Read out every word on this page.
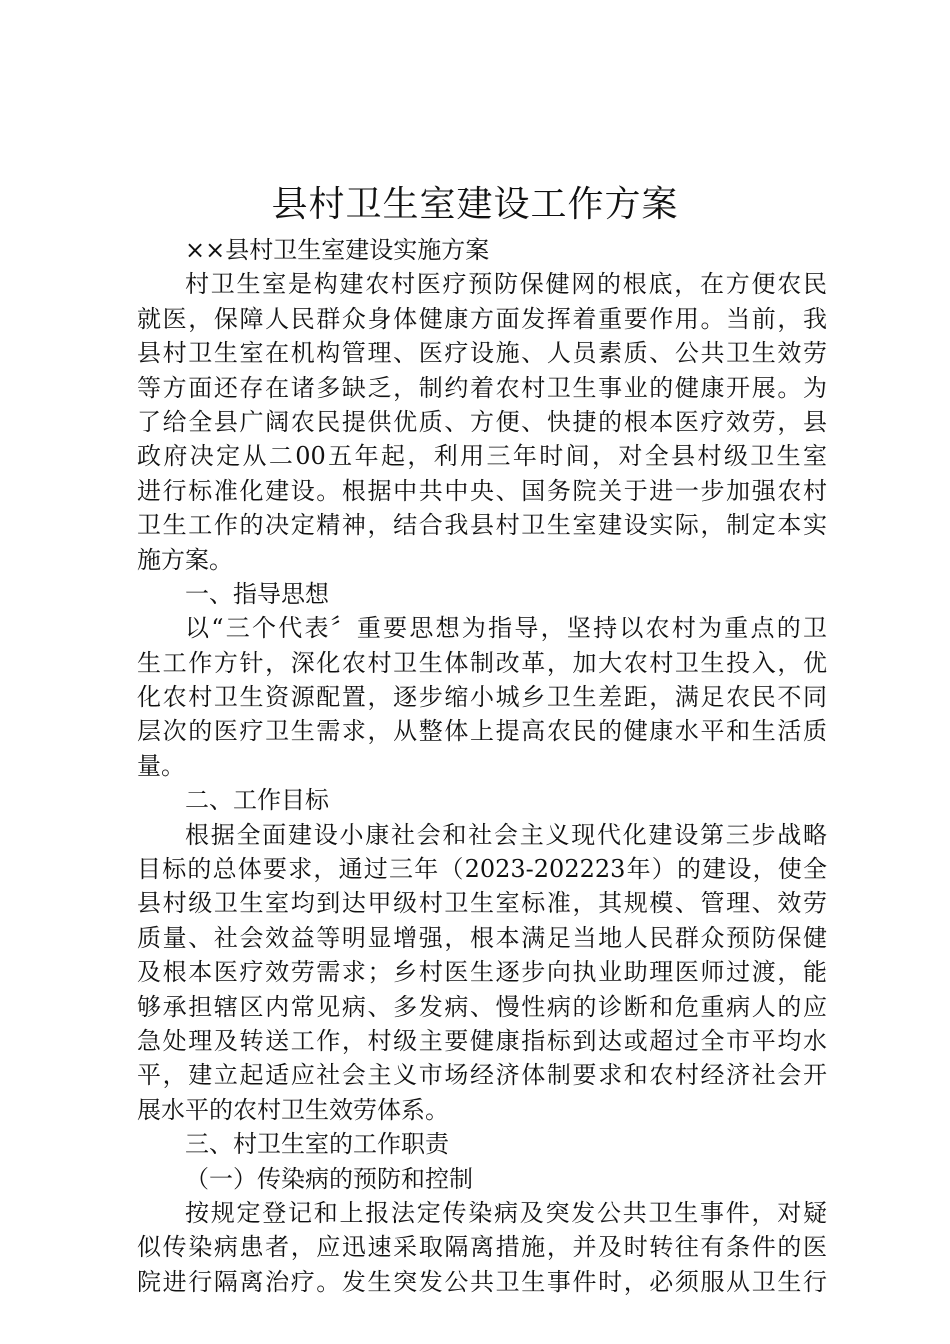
县村卫生室建设工作方案
××县村卫生室建设实施方案
村卫生室是构建农村医疗预防保健网的根底，在方便农民
就医，保障人民群众身体健康方面发挥着重要作用。当前，我
县村卫生室在机构管理、医疗设施、人员素质、公共卫生效劳
等方面还存在诸多缺乏，制约着农村卫生事业的健康开展。为
了给全县广阔农民提供优质、方便、快捷的根本医疗效劳，县
政府决定从二00五年起，利用三年时间，对全县村级卫生室
进行标准化建设。根据中共中央、国务院关于进一步加强农村
卫生工作的决定精神，结合我县村卫生室建设实际，制定本实
施方案。
一、指导思想
以“三个代表〞重要思想为指导，坚持以农村为重点的卫
生工作方针，深化农村卫生体制改革，加大农村卫生投入，优
化农村卫生资源配置，逐步缩小城乡卫生差距，满足农民不同
层次的医疗卫生需求，从整体上提高农民的健康水平和生活质
量。
二、工作目标
根据全面建设小康社会和社会主义现代化建设第三步战略
目标的总体要求，通过三年（2023-202223年）的建设，使全
县村级卫生室均到达甲级村卫生室标准，其规模、管理、效劳
质量、社会效益等明显增强，根本满足当地人民群众预防保健
及根本医疗效劳需求；乡村医生逐步向执业助理医师过渡，能
够承担辖区内常见病、多发病、慢性病的诊断和危重病人的应
急处理及转送工作，村级主要健康指标到达或超过全市平均水
平，建立起适应社会主义市场经济体制要求和农村经济社会开
展水平的农村卫生效劳体系。
三、村卫生室的工作职责
（一）传染病的预防和控制
按规定登记和上报法定传染病及突发公共卫生事件，对疑
似传染病患者，应迅速采取隔离措施，并及时转往有条件的医
院进行隔离治疗。发生突发公共卫生事件时，必须服从卫生行
